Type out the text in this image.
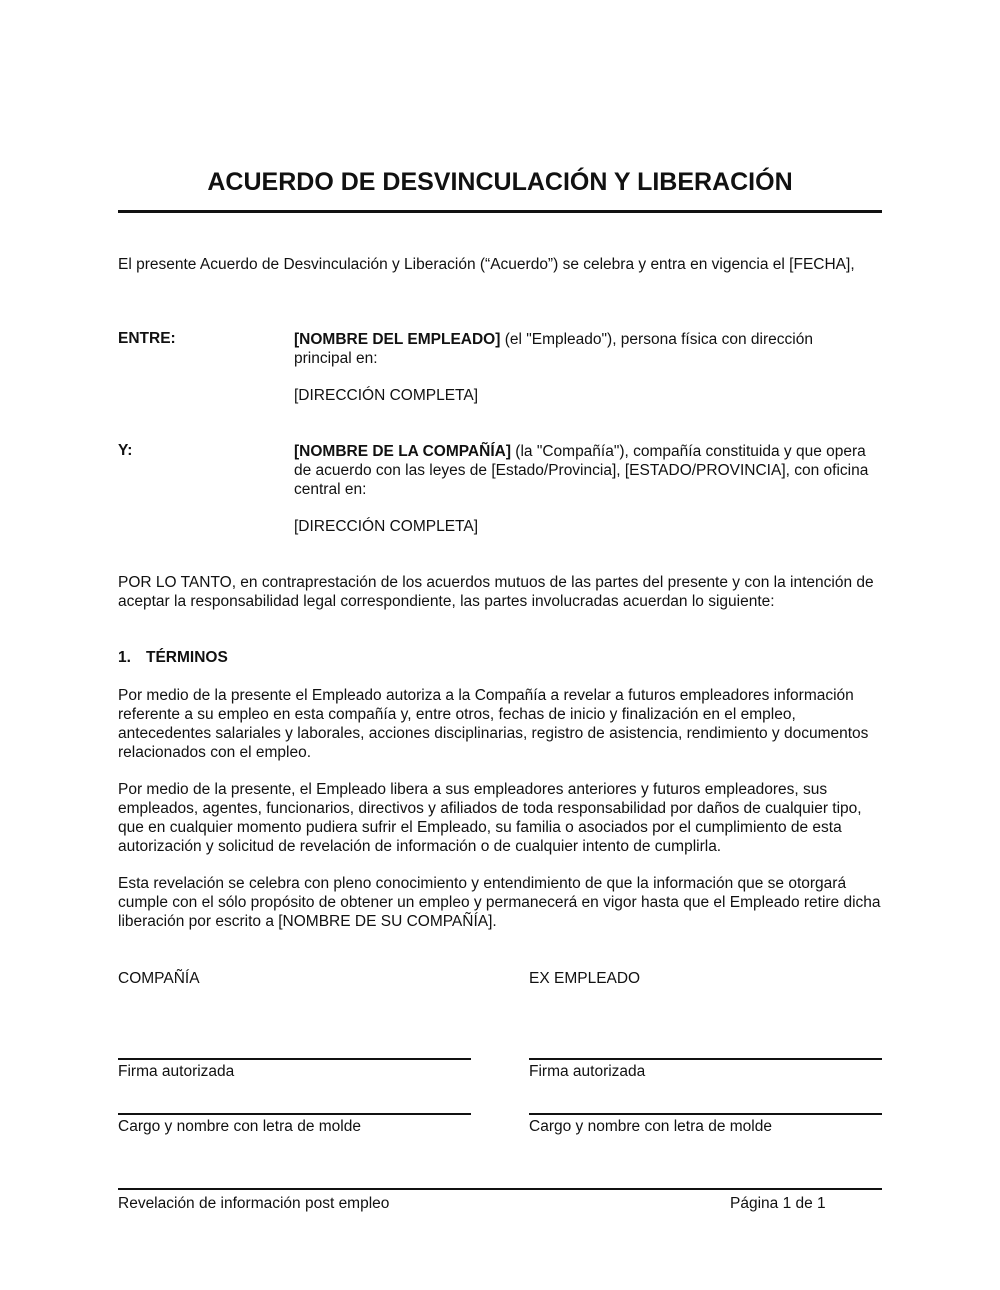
ACUERDO DE DESVINCULACIÓN Y LIBERACIÓN

El presente Acuerdo de Desvinculación y Liberación (“Acuerdo”) se celebra y entra en vigencia el [FECHA],

ENTRE:	[NOMBRE DEL EMPLEADO] (el "Empleado"), persona física con dirección principal en:
[DIRECCIÓN COMPLETA]
Y:	[NOMBRE DE LA COMPAÑÍA] (la "Compañía"), compañía constituida y que opera de acuerdo con las leyes de [Estado/Provincia], [ESTADO/PROVINCIA], con oficina central en:
[DIRECCIÓN COMPLETA]

POR LO TANTO, en contraprestación de los acuerdos mutuos de las partes del presente y con la intención de aceptar la responsabilidad legal correspondiente, las partes involucradas acuerdan lo siguiente:

1. TÉRMINOS

Por medio de la presente el Empleado autoriza a la Compañía a revelar a futuros empleadores información referente a su empleo en esta compañía y, entre otros, fechas de inicio y finalización en el empleo, antecedentes salariales y laborales, acciones disciplinarias, registro de asistencia, rendimiento y documentos relacionados con el empleo.

Por medio de la presente, el Empleado libera a sus empleadores anteriores y futuros empleadores, sus empleados, agentes, funcionarios, directivos y afiliados de toda responsabilidad por daños de cualquier tipo, que en cualquier momento pudiera sufrir el Empleado, su familia o asociados por el cumplimiento de esta autorización y solicitud de revelación de información o de cualquier intento de cumplirla.

Esta revelación se celebra con pleno conocimiento y entendimiento de que la información que se otorgará cumple con el sólo propósito de obtener un empleo y permanecerá en vigor hasta que el Empleado retire dicha liberación por escrito a [NOMBRE DE SU COMPAÑÍA].

COMPAÑÍA
Firma autorizada
Cargo y nombre con letra de molde
EX EMPLEADO
Firma autorizada
Cargo y nombre con letra de molde
Revelación de información post empleo	Página 1 de 1
